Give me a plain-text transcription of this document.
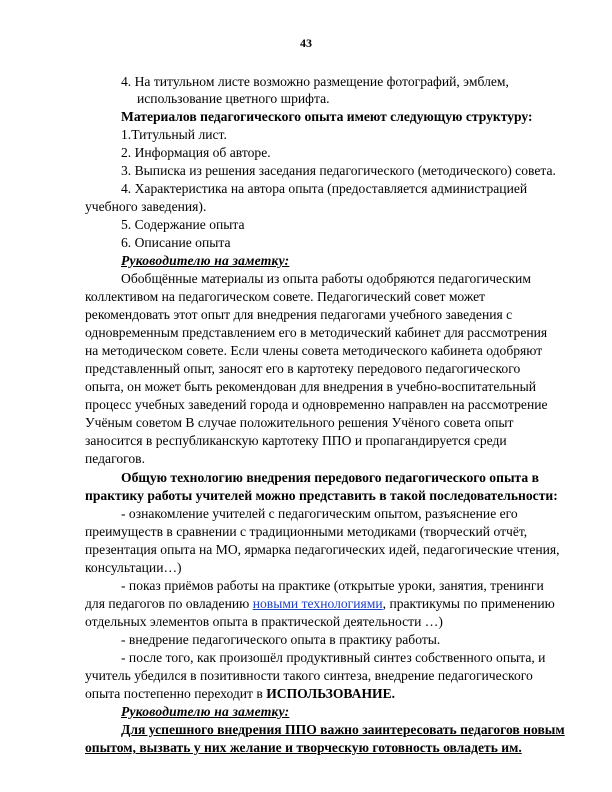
43
4. На титульном листе возможно размещение фотографий, эмблем,
использование цветного шрифта.
Материалов педагогического опыта имеют следующую структуру:
1.Титульный лист.
2. Информация об авторе.
3. Выписка из решения заседания педагогического (методического) совета.
4. Характеристика на автора опыта (предоставляется администрацией
учебного заведения).
5. Содержание опыта
6. Описание опыта
Руководителю на заметку:
Обобщённые материалы из опыта работы одобряются педагогическим
коллективом на педагогическом совете. Педагогический совет может
рекомендовать этот опыт для внедрения педагогами учебного заведения с
одновременным представлением его в методический кабинет для рассмотрения
на методическом совете. Если члены совета методического кабинета одобряют
представленный опыт, заносят его в картотеку передового педагогического
опыта, он может быть рекомендован для внедрения в учебно-воспитательный
процесс учебных заведений города и одновременно направлен на рассмотрение
Учёным советом В случае положительного решения Учёного совета опыт
заносится в республиканскую картотеку ППО и пропагандируется среди
педагогов.
Общую технологию внедрения передового педагогического опыта в
практику работы учителей можно представить в такой последовательности:
- ознакомление учителей с педагогическим опытом, разъяснение его
преимуществ в сравнении с традиционными методиками (творческий отчёт,
презентация опыта на МО, ярмарка педагогических идей, педагогические чтения,
консультации…)
- показ приёмов работы на практике (открытые уроки, занятия, тренинги
для педагогов по овладению новыми технологиями, практикумы по применению
отдельных элементов опыта в практической деятельности …)
- внедрение педагогического опыта в практику работы.
- после того, как произошёл продуктивный синтез собственного опыта, и
учитель убедился в позитивности такого синтеза, внедрение педагогического
опыта постепенно переходит в ИСПОЛЬЗОВАНИЕ.
Руководителю на заметку:
Для успешного внедрения ППО важно заинтересовать педагогов новым
опытом, вызвать у них желание и творческую готовность овладеть им.
